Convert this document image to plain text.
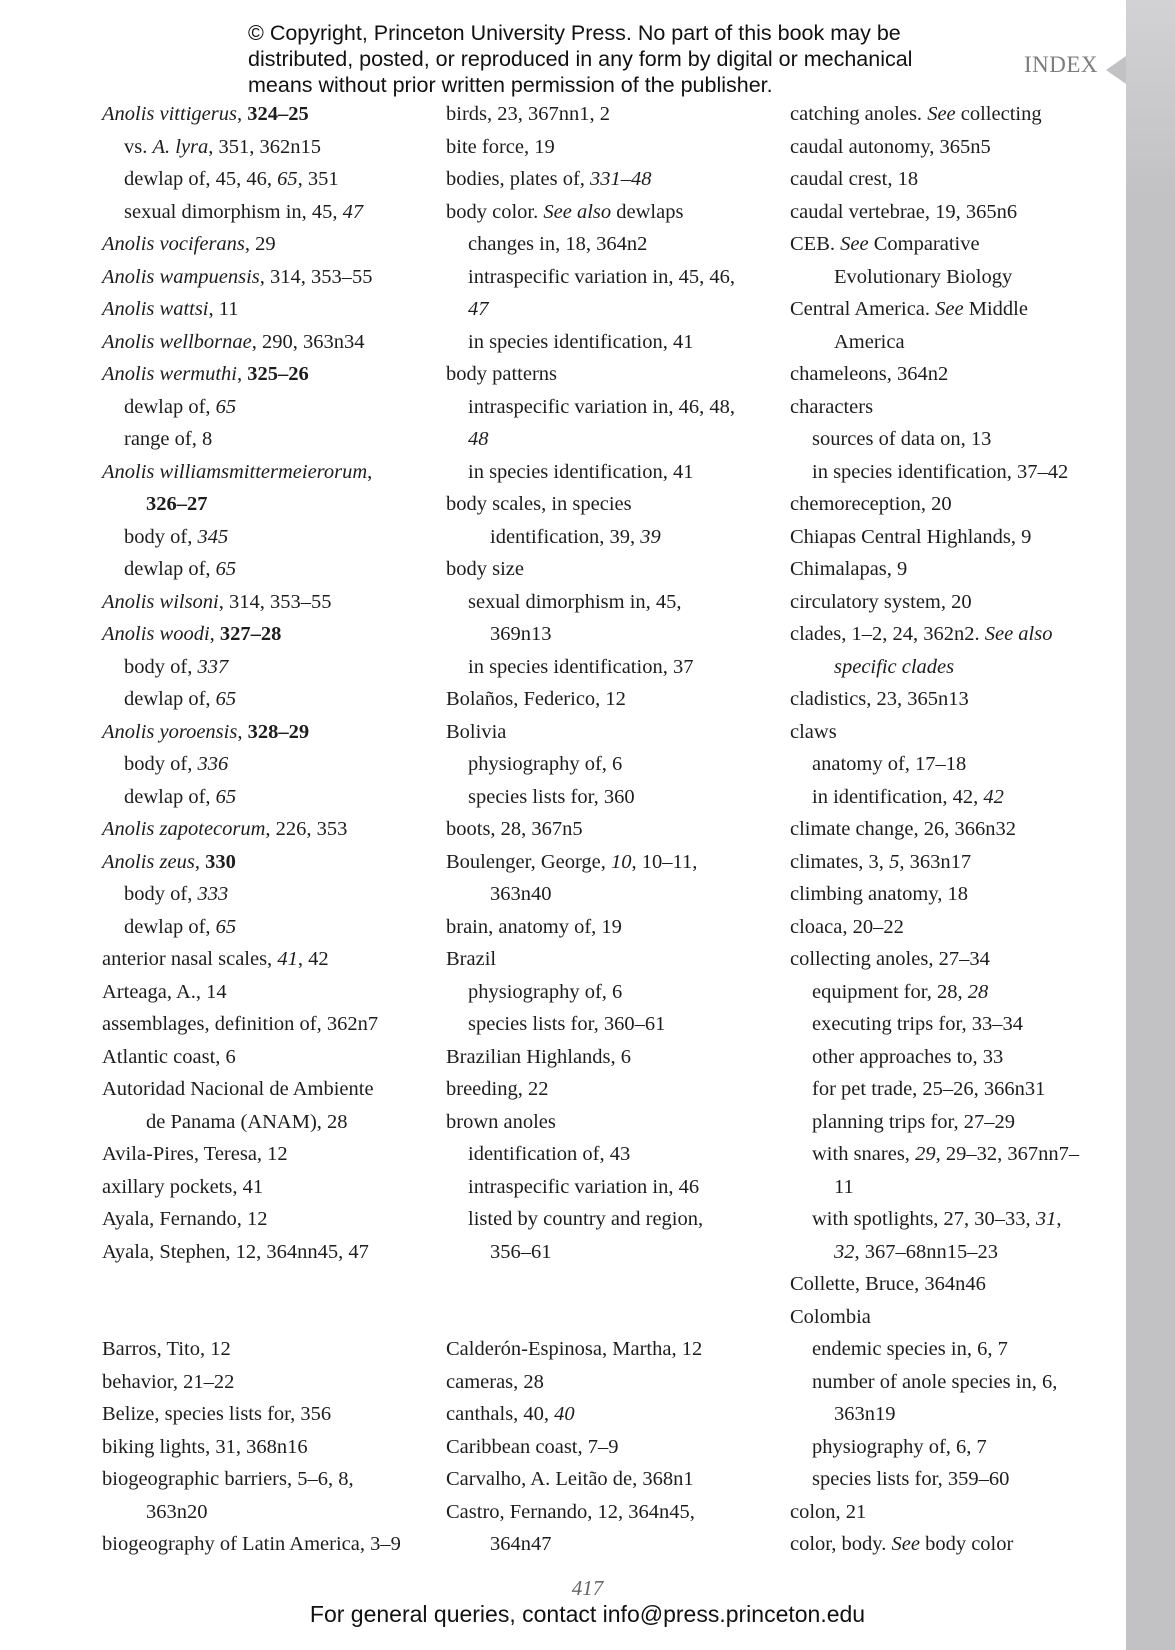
© Copyright, Princeton University Press. No part of this book may be
distributed, posted, or reproduced in any form by digital or mechanical
means without prior written permission of the publisher.
INDEX
Anolis vittigerus, 324–25
vs. A. lyra, 351, 362n15
dewlap of, 45, 46, 65, 351
sexual dimorphism in, 45, 47
Anolis vociferans, 29
Anolis wampuensis, 314, 353–55
Anolis wattsi, 11
Anolis wellbornae, 290, 363n34
Anolis wermuthi, 325–26
dewlap of, 65
range of, 8
Anolis williamsmittermeierorum,
326–27
body of, 345
dewlap of, 65
Anolis wilsoni, 314, 353–55
Anolis woodi, 327–28
body of, 337
dewlap of, 65
Anolis yoroensis, 328–29
body of, 336
dewlap of, 65
Anolis zapotecorum, 226, 353
Anolis zeus, 330
body of, 333
dewlap of, 65
anterior nasal scales, 41, 42
Arteaga, A., 14
assemblages, definition of, 362n7
Atlantic coast, 6
Autoridad Nacional de Ambiente
de Panama (ANAM), 28
Avila-Pires, Teresa, 12
axillary pockets, 41
Ayala, Fernando, 12
Ayala, Stephen, 12, 364nn45, 47
Barros, Tito, 12
behavior, 21–22
Belize, species lists for, 356
biking lights, 31, 368n16
biogeographic barriers, 5–6, 8,
363n20
biogeography of Latin America, 3–9
birds, 23, 367nn1, 2
bite force, 19
bodies, plates of, 331–48
body color. See also dewlaps
changes in, 18, 364n2
intraspecific variation in, 45, 46,
47
in species identification, 41
body patterns
intraspecific variation in, 46, 48,
48
in species identification, 41
body scales, in species
identification, 39, 39
body size
sexual dimorphism in, 45,
369n13
in species identification, 37
Bolaños, Federico, 12
Bolivia
physiography of, 6
species lists for, 360
boots, 28, 367n5
Boulenger, George, 10, 10–11,
363n40
brain, anatomy of, 19
Brazil
physiography of, 6
species lists for, 360–61
Brazilian Highlands, 6
breeding, 22
brown anoles
identification of, 43
intraspecific variation in, 46
listed by country and region,
356–61
Calderón-Espinosa, Martha, 12
cameras, 28
canthals, 40, 40
Caribbean coast, 7–9
Carvalho, A. Leitão de, 368n1
Castro, Fernando, 12, 364n45,
364n47
catching anoles. See collecting
caudal autonomy, 365n5
caudal crest, 18
caudal vertebrae, 19, 365n6
CEB. See Comparative
Evolutionary Biology
Central America. See Middle
America
chameleons, 364n2
characters
sources of data on, 13
in species identification, 37–42
chemoreception, 20
Chiapas Central Highlands, 9
Chimalapas, 9
circulatory system, 20
clades, 1–2, 24, 362n2. See also
specific clades
cladistics, 23, 365n13
claws
anatomy of, 17–18
in identification, 42, 42
climate change, 26, 366n32
climates, 3, 5, 363n17
climbing anatomy, 18
cloaca, 20–22
collecting anoles, 27–34
equipment for, 28, 28
executing trips for, 33–34
other approaches to, 33
for pet trade, 25–26, 366n31
planning trips for, 27–29
with snares, 29, 29–32, 367nn7–
11
with spotlights, 27, 30–33, 31,
32, 367–68nn15–23
Collette, Bruce, 364n46
Colombia
endemic species in, 6, 7
number of anole species in, 6,
363n19
physiography of, 6, 7
species lists for, 359–60
colon, 21
color, body. See body color
417
For general queries, contact info@press.princeton.edu
